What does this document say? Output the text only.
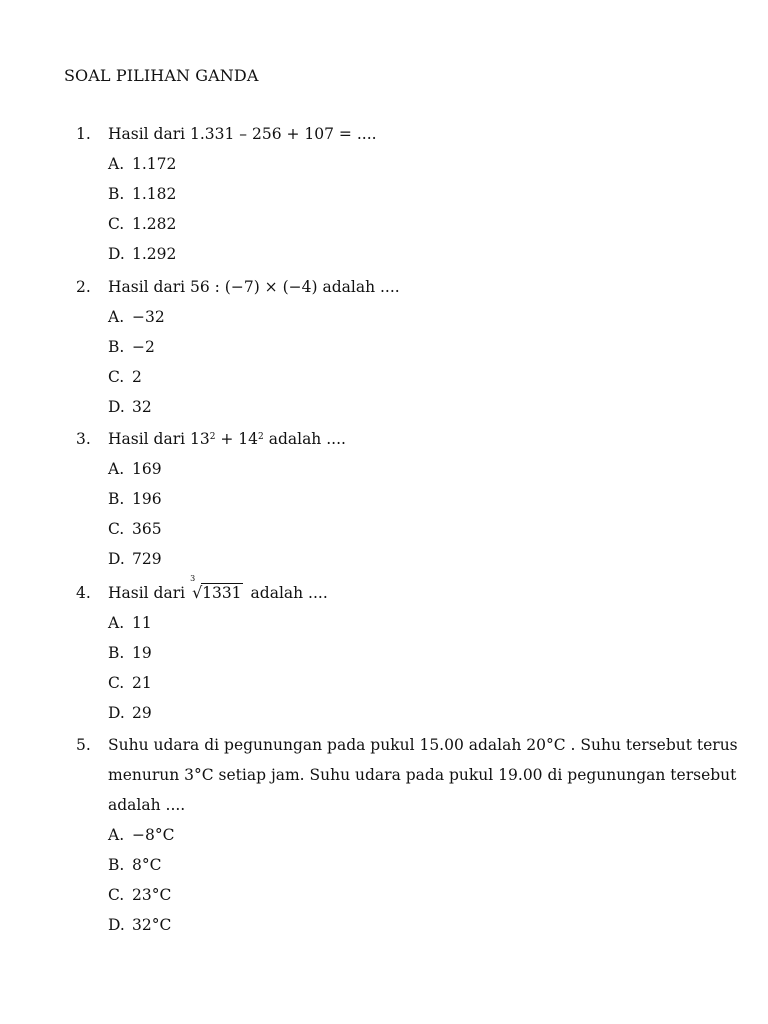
SOAL PILIHAN GANDA
1. Hasil dari 1.331 – 256 + 107 = ....
A. 1.172
B. 1.182
C. 1.282
D. 1.292
2. Hasil dari 56 : (−7) × (−4) adalah ....
A. −32
B. −2
C. 2
D. 32
3. Hasil dari $13^2 + 14^2$ adalah ....
A. 169
B. 196
C. 365
D. 729
4. Hasil dari
3
√ 1331 adalah ....
A. 11
B. 19
C. 21
D. 29
5. Suhu udara di pegunungan pada pukul 15.00 adalah 20°C . Suhu tersebut terus
menurun 3°C setiap jam. Suhu udara pada pukul 19.00 di pegunungan tersebut
adalah ....
A. −8°C
B. 8°C
C. 23°C
D. 32°C
